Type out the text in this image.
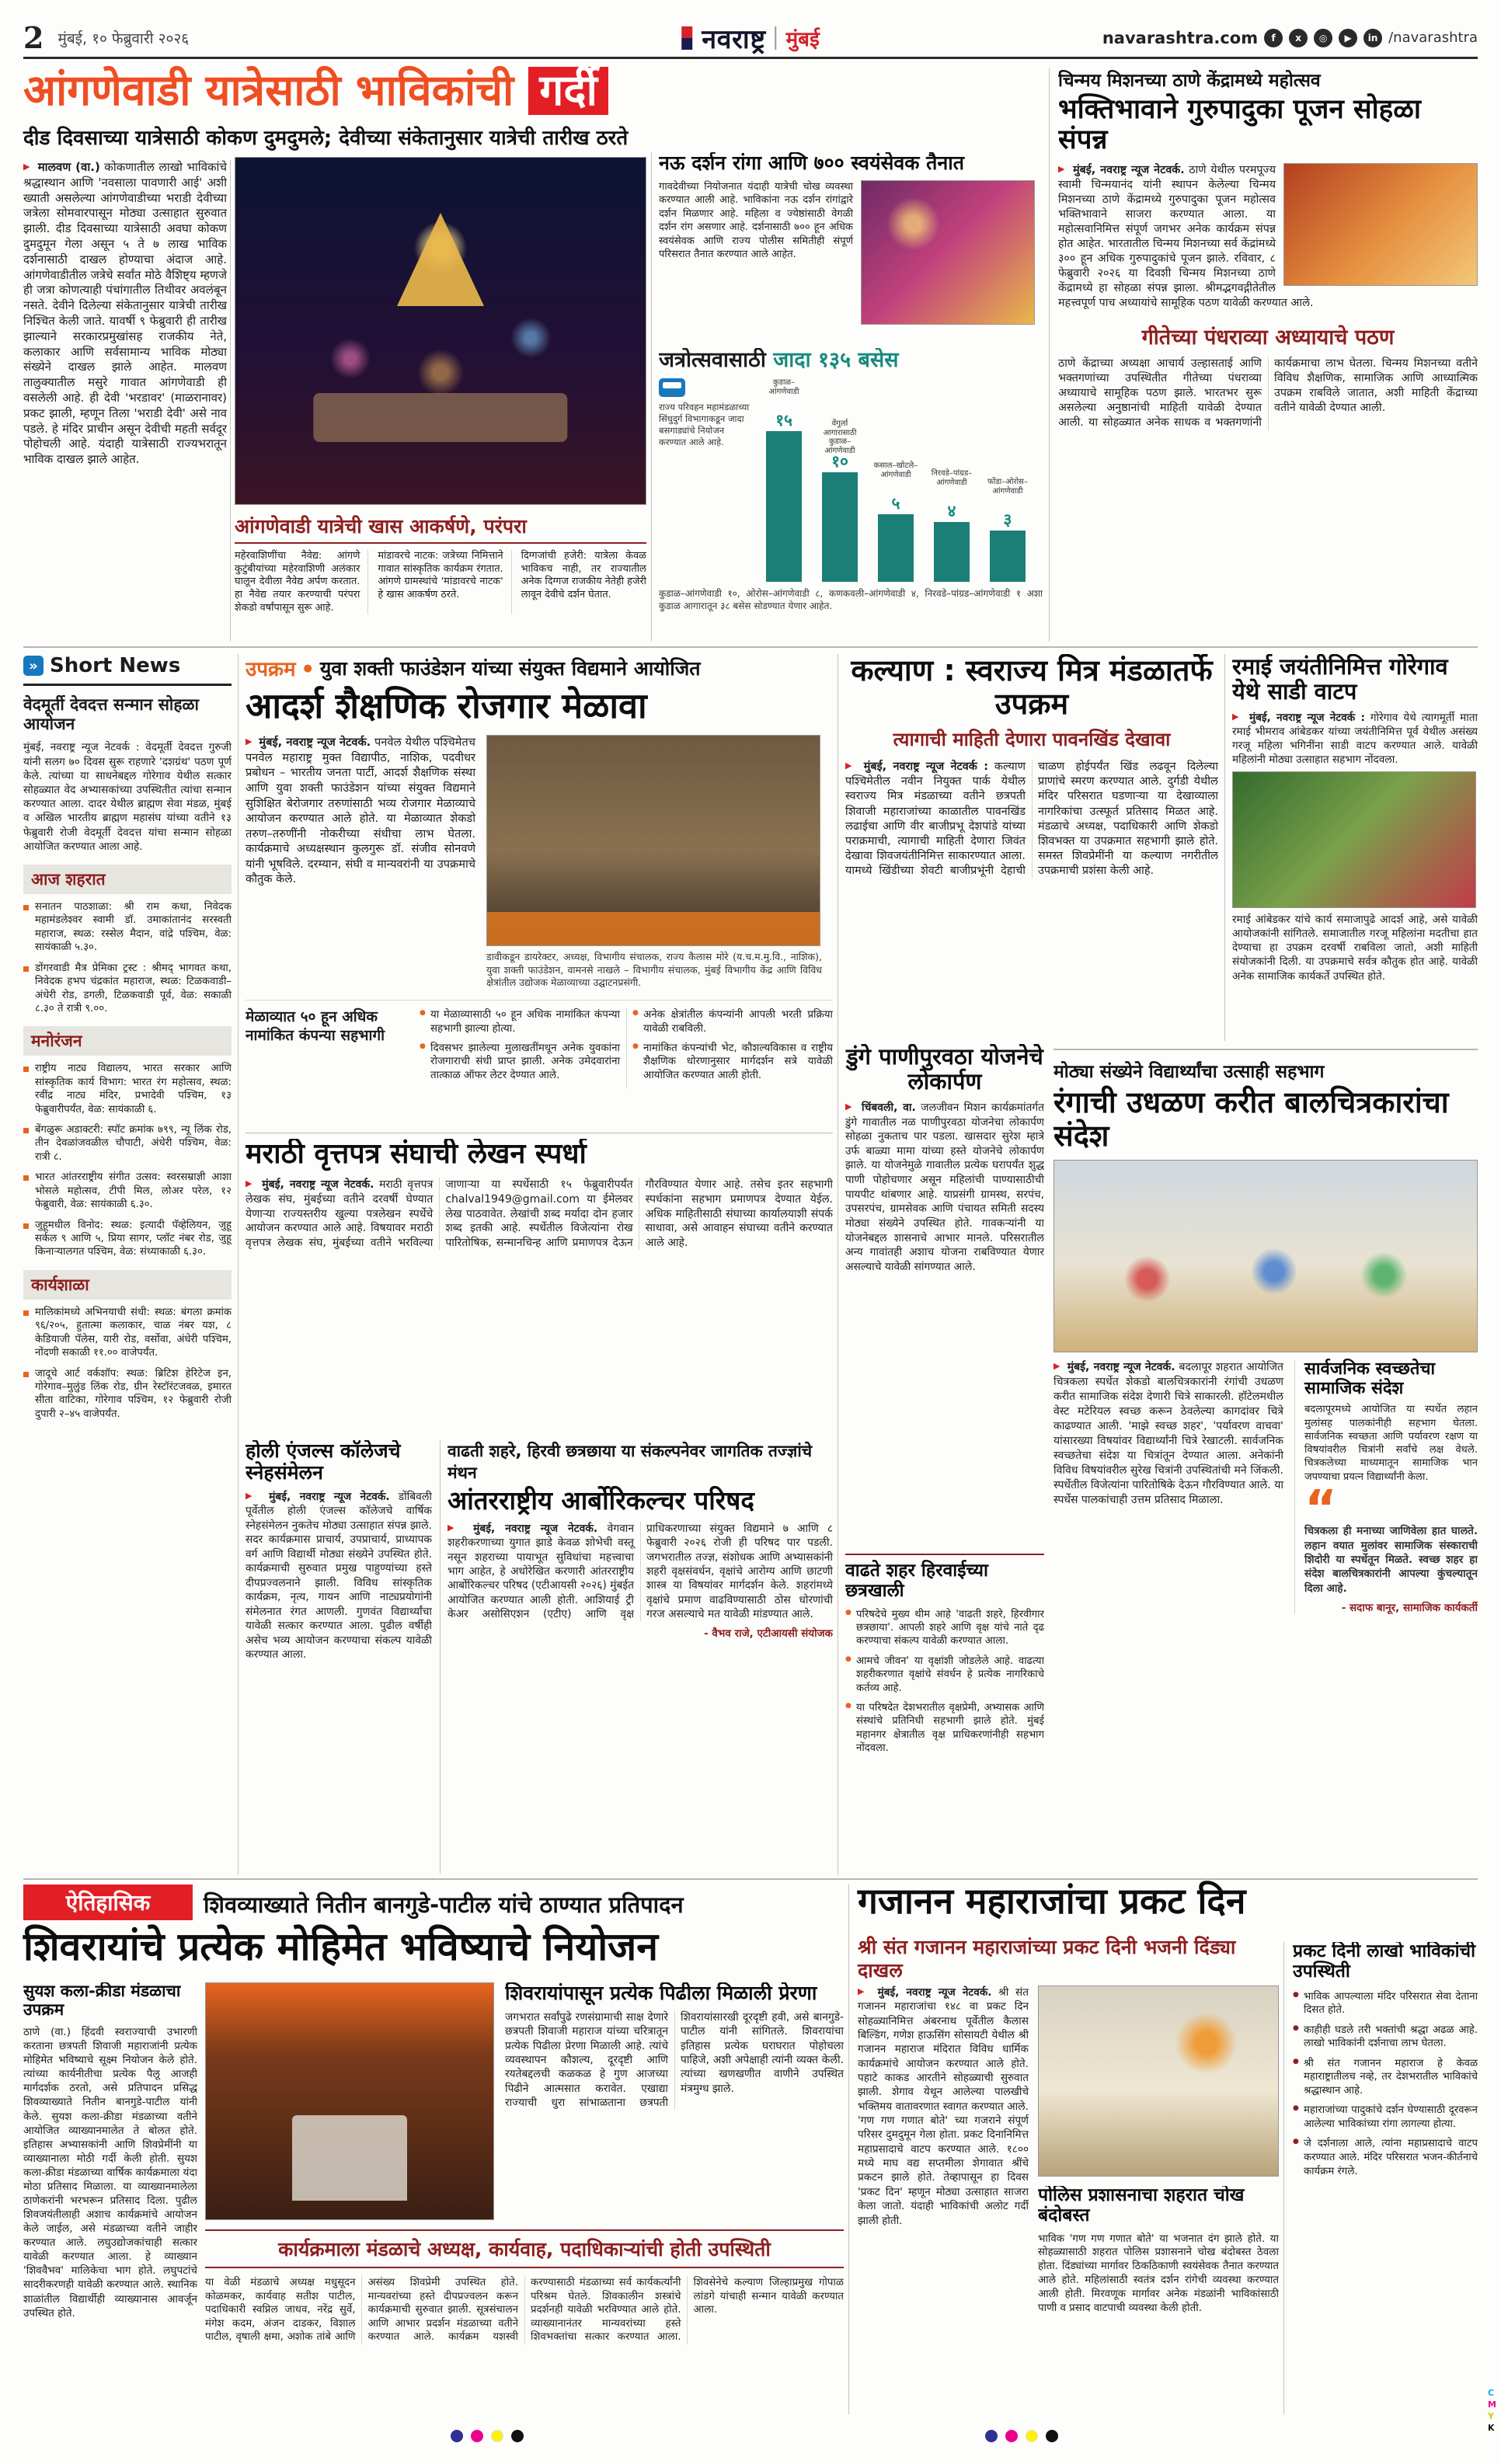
2 मुंबई, १० फेब्रुवारी २०२६	नवराष्ट्र मुंबई	navarashtra.com	f	x	◎	▶	in /navarashtra
आंगणेवाडी यात्रेसाठी भाविकांची गर्दी
दीड दिवसाच्या यात्रेसाठी कोकण दुमदुमले; देवीच्या संकेतानुसार यात्रेची तारीख ठरते
▶ मालवण (वा.) कोकणातील लाखो भाविकांचे श्रद्धास्थान आणि 'नवसाला पावणारी आई' अशी ख्याती असलेल्या आंगणेवाडीच्या भराडी देवीच्या जत्रेला सोमवारपासून मोठ्या उत्साहात सुरुवात झाली. दीड दिवसाच्या यात्रेसाठी अवघा कोकण दुमदुमून गेला असून ५ ते ७ लाख भाविक दर्शनासाठी दाखल होण्याचा अंदाज आहे. आंगणेवाडीतील जत्रेचे सर्वांत मोठे वैशिष्ट्य म्हणजे ही जत्रा कोणत्याही पंचांगातील तिथीवर अवलंबून नसते. देवीने दिलेल्या संकेतानुसार यात्रेची तारीख निश्चित केली जाते. यावर्षी ९ फेब्रुवारी ही तारीख झाल्याने सरकारप्रमुखांसह राजकीय नेते, कलाकार आणि सर्वसामान्य भाविक मोठ्या संख्येने दाखल झाले आहेत. मालवण तालुक्यातील मसुरे गावात आंगणेवाडी ही वसलेली आहे. ही देवी 'भरडावर' (माळरानावर) प्रकट झाली, म्हणून तिला 'भराडी देवी' असे नाव पडले. हे मंदिर प्राचीन असून देवीची महती सर्वदूर पोहोचली आहे. यंदाही यात्रेसाठी राज्यभरातून भाविक दाखल झाले आहेत.
आंगणेवाडी यात्रेची खास आकर्षणे, परंपरा

महेरवाशिणींचा नैवेद्य: आंगणे कुटुंबीयांच्या महेरवाशिणी अलंकार घालून देवीला नैवेद्य अर्पण करतात. हा नैवेद्य तयार करण्याची परंपरा शेकडो वर्षांपासून सुरू आहे.

मांडावरचे नाटक: जत्रेच्या निमित्ताने गावात सांस्कृतिक कार्यक्रम रंगतात. आंगणे ग्रामस्थांचे 'मांडावरचे नाटक' हे खास आकर्षण ठरते.

दिग्गजांची हजेरी: यात्रेला केवळ भाविकच नाही, तर राज्यातील अनेक दिग्गज राजकीय नेतेही हजेरी लावून देवीचे दर्शन घेतात.

नऊ दर्शन रांगा आणि ७०० स्वयंसेवक तैनात

गावदेवीच्या नियोजनात यंदाही यात्रेची चोख व्यवस्था करण्यात आली आहे. भाविकांना नऊ दर्शन रांगांद्वारे दर्शन मिळणार आहे. महिला व ज्येष्ठांसाठी वेगळी दर्शन रांग असणार आहे. दर्शनासाठी ७०० हून अधिक स्वयंसेवक आणि राज्य पोलीस समितीही संपूर्ण परिसरात तैनात करण्यात आले आहेत.

जत्रोत्सवासाठी जादा १३५ बसेस
राज्य परिवहन महामंडळाच्या सिंधुदुर्ग विभागाकडून जादा बसगाड्यांचे नियोजन करण्यात आले आहे.
कुडाळ–आंगणेवाडी
१५	वेंगुर्ला आगारासाठी कुडाळ–आंगणेवाडी
१०	कसाल–खोटले–आंगणेवाडी
५
निरवडे–पांग्रड–आंगणेवाडी
४
फोंडा–ओरोस–आंगणेवाडी
३

कुडाळ–आंगणेवाडी १०, ओरोस–आंगणेवाडी ८, कणकवली–आंगणेवाडी ४, निरवडे–पांग्रड–आंगणेवाडी १ अशा कुडाळ आगारातून ३८ बसेस सोडण्यात येणार आहेत.

चिन्मय मिशनच्या ठाणे केंद्रामध्ये महोत्सव
भक्तिभावाने गुरुपादुका पूजन सोहळा संपन्न
▶ मुंबई, नवराष्ट्र न्यूज नेटवर्क. ठाणे येथील परमपूज्य स्वामी चिन्मयानंद यांनी स्थापन केलेल्या चिन्मय मिशनच्या ठाणे केंद्रामध्ये गुरुपादुका पूजन महोत्सव भक्तिभावाने साजरा करण्यात आला. या महोत्सवानिमित्त संपूर्ण जगभर अनेक कार्यक्रम संपन्न होत आहेत. भारतातील चिन्मय मिशनच्या सर्व केंद्रांमध्ये ३०० हून अधिक गुरुपादुकांचे पूजन झाले. रविवार, ८ फेब्रुवारी २०२६ या दिवशी चिन्मय मिशनच्या ठाणे केंद्रामध्ये हा सोहळा संपन्न झाला. श्रीमद्भगवद्गीतेतील महत्त्वपूर्ण पाच अध्यायांचे सामूहिक पठण यावेळी करण्यात आले.
गीतेच्या पंधराव्या अध्यायाचे पठण

ठाणे केंद्राच्या अध्यक्षा आचार्य उल्हासताई आणि भक्तगणांच्या उपस्थितीत गीतेच्या पंधराव्या अध्यायाचे सामूहिक पठण झाले. भारतभर सुरू असलेल्या अनुष्ठानांची माहिती यावेळी देण्यात आली. या सोहळ्यात अनेक साधक व भक्तगणांनी कार्यक्रमाचा लाभ घेतला. चिन्मय मिशनच्या वतीने विविध शैक्षणिक, सामाजिक आणि आध्यात्मिक उपक्रम राबविले जातात, अशी माहिती केंद्राच्या वतीने यावेळी देण्यात आली.

» Short News
वेदमूर्ती देवदत्त सन्मान सोहळा आयोजन

मुंबई, नवराष्ट्र न्यूज नेटवर्क : वेदमूर्ती देवदत्त गुरुजी यांनी सलग ७० दिवस सुरू राहणारे 'दशग्रंथ' पठण पूर्ण केले. त्यांच्या या साधनेबद्दल गोरेगाव येथील सत्कार सोहळ्यात वेद अभ्यासकांच्या उपस्थितीत त्यांचा सन्मान करण्यात आला. दादर येथील ब्राह्मण सेवा मंडळ, मुंबई व अखिल भारतीय ब्राह्मण महासंघ यांच्या वतीने १३ फेब्रुवारी रोजी वेदमूर्ती देवदत्त यांचा सन्मान सोहळा आयोजित करण्यात आला आहे.

आज शहरात
सनातन पाठशाळा: श्री राम कथा, निवेदक महामंडलेश्वर स्वामी डॉ. उमाकांतानंद सरस्वती महाराज, स्थळ: रस्सेल मैदान, वांद्रे पश्चिम, वेळ: सायंकाळी ५.३०.
डोंगरवाडी मैत्र प्रेमिका ट्रस्ट : श्रीमद् भागवत कथा, निवेदक हभप चंद्रकांत महाराज, स्थळ: टिळकवाडी–अंधेरी रोड, डगली, टिळकवाडी पूर्व, वेळ: सकाळी ८.३० ते रात्री ९.००.
मनोरंजन
राष्ट्रीय नाट्य विद्यालय, भारत सरकार आणि सांस्कृतिक कार्य विभाग: भारत रंग महोत्सव, स्थळ: रवींद्र नाट्य मंदिर, प्रभादेवी पश्चिम, १३ फेब्रुवारीपर्यंत, वेळ: सायंकाळी ६.
बेंगळुरू अडाक्टरी: स्पॉट क्रमांक ७९९, न्यू लिंक रोड, तीन देवळांजवळील चौपाटी, अंधेरी पश्चिम, वेळ: रात्री ८.
भारत आंतरराष्ट्रीय संगीत उत्सव: स्वरसम्राज्ञी आशा भोसले महोत्सव, टीपी मिल, लोअर परेल, १२ फेब्रुवारी, वेळ: सायंकाळी ६.३०.
जुहूमधील विनोद: स्थळ: इत्यादी पॅव्हेलियन, जुहू सर्कल ९ आणि ५, प्रिया सागर, प्लॉट नंबर रोड, जुहू किनाऱ्यालगत पश्चिम, वेळ: संध्याकाळी ६.३०.
कार्यशाळा
मालिकांमध्ये अभिनयाची संधी: स्थळ: बंगला क्रमांक ९६/२०५, हुतात्मा कलाकार, चाळ नंबर यश, ८ केडियाजी पॅलेस, यारी रोड, वर्सोवा, अंधेरी पश्चिम, नोंदणी सकाळी ११.०० वाजेपर्यंत.
जादूचे आर्ट वर्कशॉप: स्थळ: ब्रिटिश हेरिटेज इन, गोरेगाव–मुलुंड लिंक रोड, ग्रीन रेस्टॉरंटजवळ, इमारत सीता वाटिका, गोरेगाव पश्चिम, १२ फेब्रुवारी रोजी दुपारी २–४५ वाजेपर्यंत.
उपक्रम ● युवा शक्ती फाउंडेशन यांच्या संयुक्त विद्यमाने आयोजित
आदर्श शैक्षणिक रोजगार मेळावा

▶ मुंबई, नवराष्ट्र न्यूज नेटवर्क. पनवेल येथील पश्चिमेतच पनवेल महाराष्ट्र मुक्त विद्यापीठ, नाशिक, पदवीधर प्रबोधन – भारतीय जनता पार्टी, आदर्श शैक्षणिक संस्था आणि युवा शक्ती फाउंडेशन यांच्या संयुक्त विद्यमाने सुशिक्षित बेरोजगार तरुणांसाठी भव्य रोजगार मेळाव्याचे आयोजन करण्यात आले होते. या मेळाव्यात शेकडो तरुण–तरुणींनी नोकरीच्या संधीचा लाभ घेतला. कार्यक्रमाचे अध्यक्षस्थान कुलगुरू डॉ. संजीव सोनवणे यांनी भूषविले. दरम्यान, संघी व मान्यवरांनी या उपक्रमाचे कौतुक केले.

डावीकडून डायरेक्टर, अध्यक्ष, विभागीय संचालक, राज्य कैलास मोरे (य.च.म.मु.वि., नाशिक), युवा शक्ती फाउंडेशन, वामनसे नाखले – विभागीय संचालक, मुंबई विभागीय केंद्र आणि विविध क्षेत्रांतील उद्योजक मेळाव्याच्या उद्घाटनप्रसंगी.

मेळाव्यात ५० हून अधिक नामांकित कंपन्या सहभागी
● या मेळाव्यासाठी ५० हून अधिक नामांकित कंपन्या सहभागी झाल्या होत्या.
● दिवसभर झालेल्या मुलाखतींमधून अनेक युवकांना रोजगाराची संधी प्राप्त झाली. अनेक उमेदवारांना तात्काळ ऑफर लेटर देण्यात आले.
● अनेक क्षेत्रांतील कंपन्यांनी आपली भरती प्रक्रिया यावेळी राबविली.
● नामांकित कंपन्यांची भेट, कौशल्यविकास व राष्ट्रीय शैक्षणिक धोरणानुसार मार्गदर्शन सत्रे यावेळी आयोजित करण्यात आली होती.
मराठी वृत्तपत्र संघाची लेखन स्पर्धा

▶ मुंबई, नवराष्ट्र न्यूज नेटवर्क. मराठी वृत्तपत्र लेखक संघ, मुंबईच्या वतीने दरवर्षी घेण्यात येणाऱ्या राज्यस्तरीय खुल्या पत्रलेखन स्पर्धेचे आयोजन करण्यात आले आहे. विषयावर मराठी वृत्तपत्र लेखक संघ, मुंबईच्या वतीने भरविल्या जाणाऱ्या या स्पर्धेसाठी १५ फेब्रुवारीपर्यंत chalval1949@gmail.com या ईमेलवर लेख पाठवावेत. लेखांची शब्द मर्यादा दोन हजार शब्द इतकी आहे. स्पर्धेतील विजेत्यांना रोख पारितोषिक, सन्मानचिन्ह आणि प्रमाणपत्र देऊन गौरविण्यात येणार आहे. तसेच इतर सहभागी स्पर्धकांना सहभाग प्रमाणपत्र देण्यात येईल. अधिक माहितीसाठी संघाच्या कार्यालयाशी संपर्क साधावा, असे आवाहन संघाच्या वतीने करण्यात आले आहे.

होली एंजल्स कॉलेजचे स्नेहसंमेलन

▶ मुंबई, नवराष्ट्र न्यूज नेटवर्क. डोंबिवली पूर्वेतील होली एंजल्स कॉलेजचे वार्षिक स्नेहसंमेलन नुकतेच मोठ्या उत्साहात संपन्न झाले. सदर कार्यक्रमास प्राचार्य, उपप्राचार्य, प्राध्यापक वर्ग आणि विद्यार्थी मोठ्या संख्येने उपस्थित होते. कार्यक्रमाची सुरुवात प्रमुख पाहुण्यांच्या हस्ते दीपप्रज्वलनाने झाली. विविध सांस्कृतिक कार्यक्रम, नृत्य, गायन आणि नाट्यप्रयोगांनी संमेलनात रंगत आणली. गुणवंत विद्यार्थ्यांचा यावेळी सत्कार करण्यात आला. पुढील वर्षीही असेच भव्य आयोजन करण्याचा संकल्प यावेळी करण्यात आला.

वाढती शहरे, हिरवी छत्रछाया या संकल्पनेवर जागतिक तज्ज्ञांचे मंथन
आंतरराष्ट्रीय आर्बोरिकल्चर परिषद

▶ मुंबई, नवराष्ट्र न्यूज नेटवर्क. वेगवान शहरीकरणाच्या युगात झाडे केवळ शोभेची वस्तू नसून शहराच्या पायाभूत सुविधांचा महत्त्वाचा भाग आहेत, हे अधोरेखित करणारी आंतरराष्ट्रीय आर्बोरिकल्चर परिषद (एटीआयसी २०२६) मुंबईत आयोजित करण्यात आली होती. आशियाई ट्री केअर असोसिएशन (एटीए) आणि वृक्ष प्राधिकरणाच्या संयुक्त विद्यमाने ७ आणि ८ फेब्रुवारी २०२६ रोजी ही परिषद पार पडली. जगभरातील तज्ज्ञ, संशोधक आणि अभ्यासकांनी शहरी वृक्षसंवर्धन, वृक्षांचे आरोग्य आणि छाटणी शास्त्र या विषयांवर मार्गदर्शन केले. शहरांमध्ये वृक्षांचे प्रमाण वाढविण्यासाठी ठोस धोरणांची गरज असल्याचे मत यावेळी मांडण्यात आले.

- वैभव राजे, एटीआयसी संयोजक
कल्याण : स्वराज्य मित्र मंडळातर्फे उपक्रम
त्यागाची माहिती देणारा पावनखिंड देखावा

▶ मुंबई, नवराष्ट्र न्यूज नेटवर्क : कल्याण पश्चिमेतील नवीन नियुक्त पार्क येथील स्वराज्य मित्र मंडळाच्या वतीने छत्रपती शिवाजी महाराजांच्या काळातील पावनखिंड लढाईचा आणि वीर बाजीप्रभू देशपांडे यांच्या पराक्रमाची, त्यागाची माहिती देणारा जिवंत देखावा शिवजयंतीनिमित्त साकारण्यात आला. यामध्ये खिंडीच्या शेवटी बाजीप्रभूंनी देहाची चाळण होईपर्यंत खिंड लढवून दिलेल्या प्राणांचे स्मरण करण्यात आले. दुर्गडी येथील मंदिर परिसरात घडणाऱ्या या देखाव्याला नागरिकांचा उत्स्फूर्त प्रतिसाद मिळत आहे. मंडळाचे अध्यक्ष, पदाधिकारी आणि शेकडो शिवभक्त या उपक्रमात सहभागी झाले होते. समस्त शिवप्रेमींनी या कल्याण नगरीतील उपक्रमाची प्रशंसा केली आहे.

डुंगे पाणीपुरवठा योजनेचे लोकार्पण

▶ चिंबवली, वा. जलजीवन मिशन कार्यक्रमांतर्गत डुंगे गावातील नळ पाणीपुरवठा योजनेचा लोकार्पण सोहळा नुकताच पार पडला. खासदार सुरेश म्हात्रे उर्फ बाळ्या मामा यांच्या हस्ते योजनेचे लोकार्पण झाले. या योजनेमुळे गावातील प्रत्येक घरापर्यंत शुद्ध पाणी पोहोचणार असून महिलांची पाण्यासाठीची पायपीट थांबणार आहे. याप्रसंगी ग्रामस्थ, सरपंच, उपसरपंच, ग्रामसेवक आणि पंचायत समिती सदस्य मोठ्या संख्येने उपस्थित होते. गावकऱ्यांनी या योजनेबद्दल शासनाचे आभार मानले. परिसरातील अन्य गावांतही अशाच योजना राबविण्यात येणार असल्याचे यावेळी सांगण्यात आले.

वाढते शहर हिरवाईच्या छत्रखाली
● परिषदेचे मुख्य थीम आहे 'वाढती शहरे, हिरवीगार छत्रछाया'. आपली शहरे आणि वृक्ष यांचे नाते दृढ करण्याचा संकल्प यावेळी करण्यात आला.
● आमचे जीवन' या वृक्षांशी जोडलेले आहे. वाढत्या शहरीकरणात वृक्षांचे संवर्धन हे प्रत्येक नागरिकाचे कर्तव्य आहे.
● या परिषदेत देशभरातील वृक्षप्रेमी, अभ्यासक आणि संस्थांचे प्रतिनिधी सहभागी झाले होते. मुंबई महानगर क्षेत्रातील वृक्ष प्राधिकरणांनीही सहभाग नोंदवला.
रमाई जयंतीनिमित्त गोरेगाव येथे साडी वाटप

▶ मुंबई, नवराष्ट्र न्यूज नेटवर्क : गोरेगाव येथे त्यागमूर्ती माता रमाई भीमराव आंबेडकर यांच्या जयंतीनिमित्त पूर्व येथील असंख्य गरजू महिला भगिनींना साडी वाटप करण्यात आले. यावेळी महिलांनी मोठ्या उत्साहात सहभाग नोंदवला.

रमाई आंबेडकर यांचे कार्य समाजापुढे आदर्श आहे, असे यावेळी आयोजकांनी सांगितले. समाजातील गरजू महिलांना मदतीचा हात देण्याचा हा उपक्रम दरवर्षी राबविला जातो, अशी माहिती संयोजकांनी दिली. या उपक्रमाचे सर्वत्र कौतुक होत आहे. यावेळी अनेक सामाजिक कार्यकर्ते उपस्थित होते.

मोठ्या संख्येने विद्यार्थ्यांचा उत्साही सहभाग
रंगाची उधळण करीत बालचित्रकारांचा संदेश

▶ मुंबई, नवराष्ट्र न्यूज नेटवर्क. बदलापूर शहरात आयोजित चित्रकला स्पर्धेत शेकडो बालचित्रकारांनी रंगांची उधळण करीत सामाजिक संदेश देणारी चित्रे साकारली. हॉटेलमधील वेस्ट मटेरियल स्वच्छ करून ठेवलेल्या कागदांवर चित्रे काढण्यात आली. 'माझे स्वच्छ शहर', 'पर्यावरण वाचवा' यांसारख्या विषयांवर विद्यार्थ्यांनी चित्रे रेखाटली. सार्वजनिक स्वच्छतेचा संदेश या चित्रांतून देण्यात आला. अनेकांनी विविध विषयांवरील सुरेख चित्रांनी उपस्थितांची मने जिंकली. स्पर्धेतील विजेत्यांना पारितोषिके देऊन गौरविण्यात आले. या स्पर्धेस पालकांचाही उत्तम प्रतिसाद मिळाला.

सार्वजनिक स्वच्छतेचा सामाजिक संदेश

बदलापूरमध्ये आयोजित या स्पर्धेत लहान मुलांसह पालकांनीही सहभाग घेतला. सार्वजनिक स्वच्छता आणि पर्यावरण रक्षण या विषयांवरील चित्रांनी सर्वांचे लक्ष वेधले. चित्रकलेच्या माध्यमातून सामाजिक भान जपण्याचा प्रयत्न विद्यार्थ्यांनी केला.

“

चित्रकला ही मनाच्या जाणिवेला हात घालते. लहान वयात मुलांवर सामाजिक संस्काराची शिदोरी या स्पर्धेतून मिळते. स्वच्छ शहर हा संदेश बालचित्रकारांनी आपल्या कुंचल्यातून दिला आहे.

- सदाफ बानूर, सामाजिक कार्यकर्ती
ऐतिहासिक	शिवव्याख्याते नितीन बानगुडे-पाटील यांचे ठाण्यात प्रतिपादन
शिवरायांचे प्रत्येक मोहिमेत भविष्याचे नियोजन
सुयश कला-क्रीडा मंडळाचा उपक्रम

ठाणे (वा.) हिंदवी स्वराज्याची उभारणी करताना छत्रपती शिवाजी महाराजांनी प्रत्येक मोहिमेत भविष्याचे सूक्ष्म नियोजन केले होते. त्यांच्या कार्यनीतीचा प्रत्येक पैलू आजही मार्गदर्शक ठरतो, असे प्रतिपादन प्रसिद्ध शिवव्याख्याते नितीन बानगुडे-पाटील यांनी केले. सुयश कला-क्रीडा मंडळाच्या वतीने आयोजित व्याख्यानमालेत ते बोलत होते. इतिहास अभ्यासकांनी आणि शिवप्रेमींनी या व्याख्यानाला मोठी गर्दी केली होती. सुयश कला-क्रीडा मंडळाच्या वार्षिक कार्यक्रमाला यंदा मोठा प्रतिसाद मिळाला. या व्याख्यानमालेला ठाणेकरांनी भरभरून प्रतिसाद दिला. पुढील शिवजयंतीलाही अशाच कार्यक्रमांचे आयोजन केले जाईल, असे मंडळाच्या वतीने जाहीर करण्यात आले. लघुउद्योजकांचाही सत्कार यावेळी करण्यात आला. हे व्याख्यान 'शिववैभव' मालिकेचा भाग होते. लघुपटांचे सादरीकरणही यावेळी करण्यात आले. स्थानिक शाळांतील विद्यार्थीही व्याख्यानास आवर्जून उपस्थित होते.

शिवरायांपासून प्रत्येक पिढीला मिळाली प्रेरणा

जगभरात सर्वांपुढे रणसंग्रामाची साक्ष देणारे छत्रपती शिवाजी महाराज यांच्या चरित्रातून प्रत्येक पिढीला प्रेरणा मिळाली आहे. त्यांचे व्यवस्थापन कौशल्य, दूरदृष्टी आणि रयतेबद्दलची कळकळ हे गुण आजच्या पिढीने आत्मसात करावेत. एखाद्या राज्याची धुरा सांभाळताना छत्रपती शिवरायांसारखी दूरदृष्टी हवी, असे बानगुडे-पाटील यांनी सांगितले. शिवरायांचा इतिहास प्रत्येक घराघरात पोहोचला पाहिजे, अशी अपेक्षाही त्यांनी व्यक्त केली. त्यांच्या खणखणीत वाणीने उपस्थित मंत्रमुग्ध झाले.

कार्यक्रमाला मंडळाचे अध्यक्ष, कार्यवाह, पदाधिकाऱ्यांची होती उपस्थिती

या वेळी मंडळाचे अध्यक्ष मधुसूदन कोळमकर, कार्यवाह सतीश पाटील, पदाधिकारी स्वप्निल जाधव, नरेंद्र सुर्वे, मंगेश कदम, अंजन दाडकर, विशाल पाटील, वृषाली क्षमा, अशोक तांबे आणि असंख्य शिवप्रेमी उपस्थित होते. मान्यवरांच्या हस्ते दीपप्रज्वलन करून कार्यक्रमाची सुरुवात झाली. सूत्रसंचालन आणि आभार प्रदर्शन मंडळाच्या वतीने करण्यात आले. कार्यक्रम यशस्वी करण्यासाठी मंडळाच्या सर्व कार्यकर्त्यांनी परिश्रम घेतले. शिवकालीन शस्त्रांचे प्रदर्शनही यावेळी भरविण्यात आले होते. व्याख्यानानंतर मान्यवरांच्या हस्ते शिवभक्तांचा सत्कार करण्यात आला. शिवसेनेचे कल्याण जिल्हाप्रमुख गोपाळ लांडगे यांचाही सन्मान यावेळी करण्यात आला.

गजानन महाराजांचा प्रकट दिन
श्री संत गजानन महाराजांच्या प्रकट दिनी भजनी दिंड्या दाखल
▶ मुंबई, नवराष्ट्र न्यूज नेटवर्क. श्री संत गजानन महाराजांचा १४८ वा प्रकट दिन सोहळ्यानिमित्त अंबरनाथ पूर्वेतील कैलास बिल्डिंग, गणेश हाऊसिंग सोसायटी येथील श्री गजानन महाराज मंदिरात विविध धार्मिक कार्यक्रमांचे आयोजन करण्यात आले होते. पहाटे काकड आरतीने सोहळ्याची सुरुवात झाली. शेगाव येथून आलेल्या पालखीचे भक्तिमय वातावरणात स्वागत करण्यात आले. 'गण गण गणात बोते' च्या गजराने संपूर्ण परिसर दुमदुमून गेला होता. प्रकट दिनानिमित्त महाप्रसादाचे वाटप करण्यात आले. १८०० मध्ये माघ वद्य सप्तमीला शेगावात श्रींचे प्रकटन झाले होते. तेव्हापासून हा दिवस 'प्रकट दिन' म्हणून मोठ्या उत्साहात साजरा केला जातो. यंदाही भाविकांची अलोट गर्दी झाली होती.
पोलिस प्रशासनाचा शहरात चोख बंदोबस्त

भाविक 'गण गण गणात बोते' या भजनात दंग झाले होते. या सोहळ्यासाठी शहरात पोलिस प्रशासनाने चोख बंदोबस्त ठेवला होता. दिंड्यांच्या मार्गावर ठिकठिकाणी स्वयंसेवक तैनात करण्यात आले होते. महिलांसाठी स्वतंत्र दर्शन रांगेची व्यवस्था करण्यात आली होती. मिरवणूक मार्गावर अनेक मंडळांनी भाविकांसाठी पाणी व प्रसाद वाटपाची व्यवस्था केली होती.

प्रकट दिनी लाखो भाविकांची उपस्थिती
● भाविक आपल्याला मंदिर परिसरात सेवा देताना दिसत होते.
● काहीही घडले तरी भक्तांची श्रद्धा अढळ आहे. लाखो भाविकांनी दर्शनाचा लाभ घेतला.
● श्री संत गजानन महाराज हे केवळ महाराष्ट्रातीलच नव्हे, तर देशभरातील भाविकांचे श्रद्धास्थान आहे.
● महाराजांच्या पादुकांचे दर्शन घेण्यासाठी दूरवरून आलेल्या भाविकांच्या रांगा लागल्या होत्या.
● जे दर्शनाला आले, त्यांना महाप्रसादाचे वाटप करण्यात आले. मंदिर परिसरात भजन-कीर्तनाचे कार्यक्रम रंगले.
C
M
Y
K
